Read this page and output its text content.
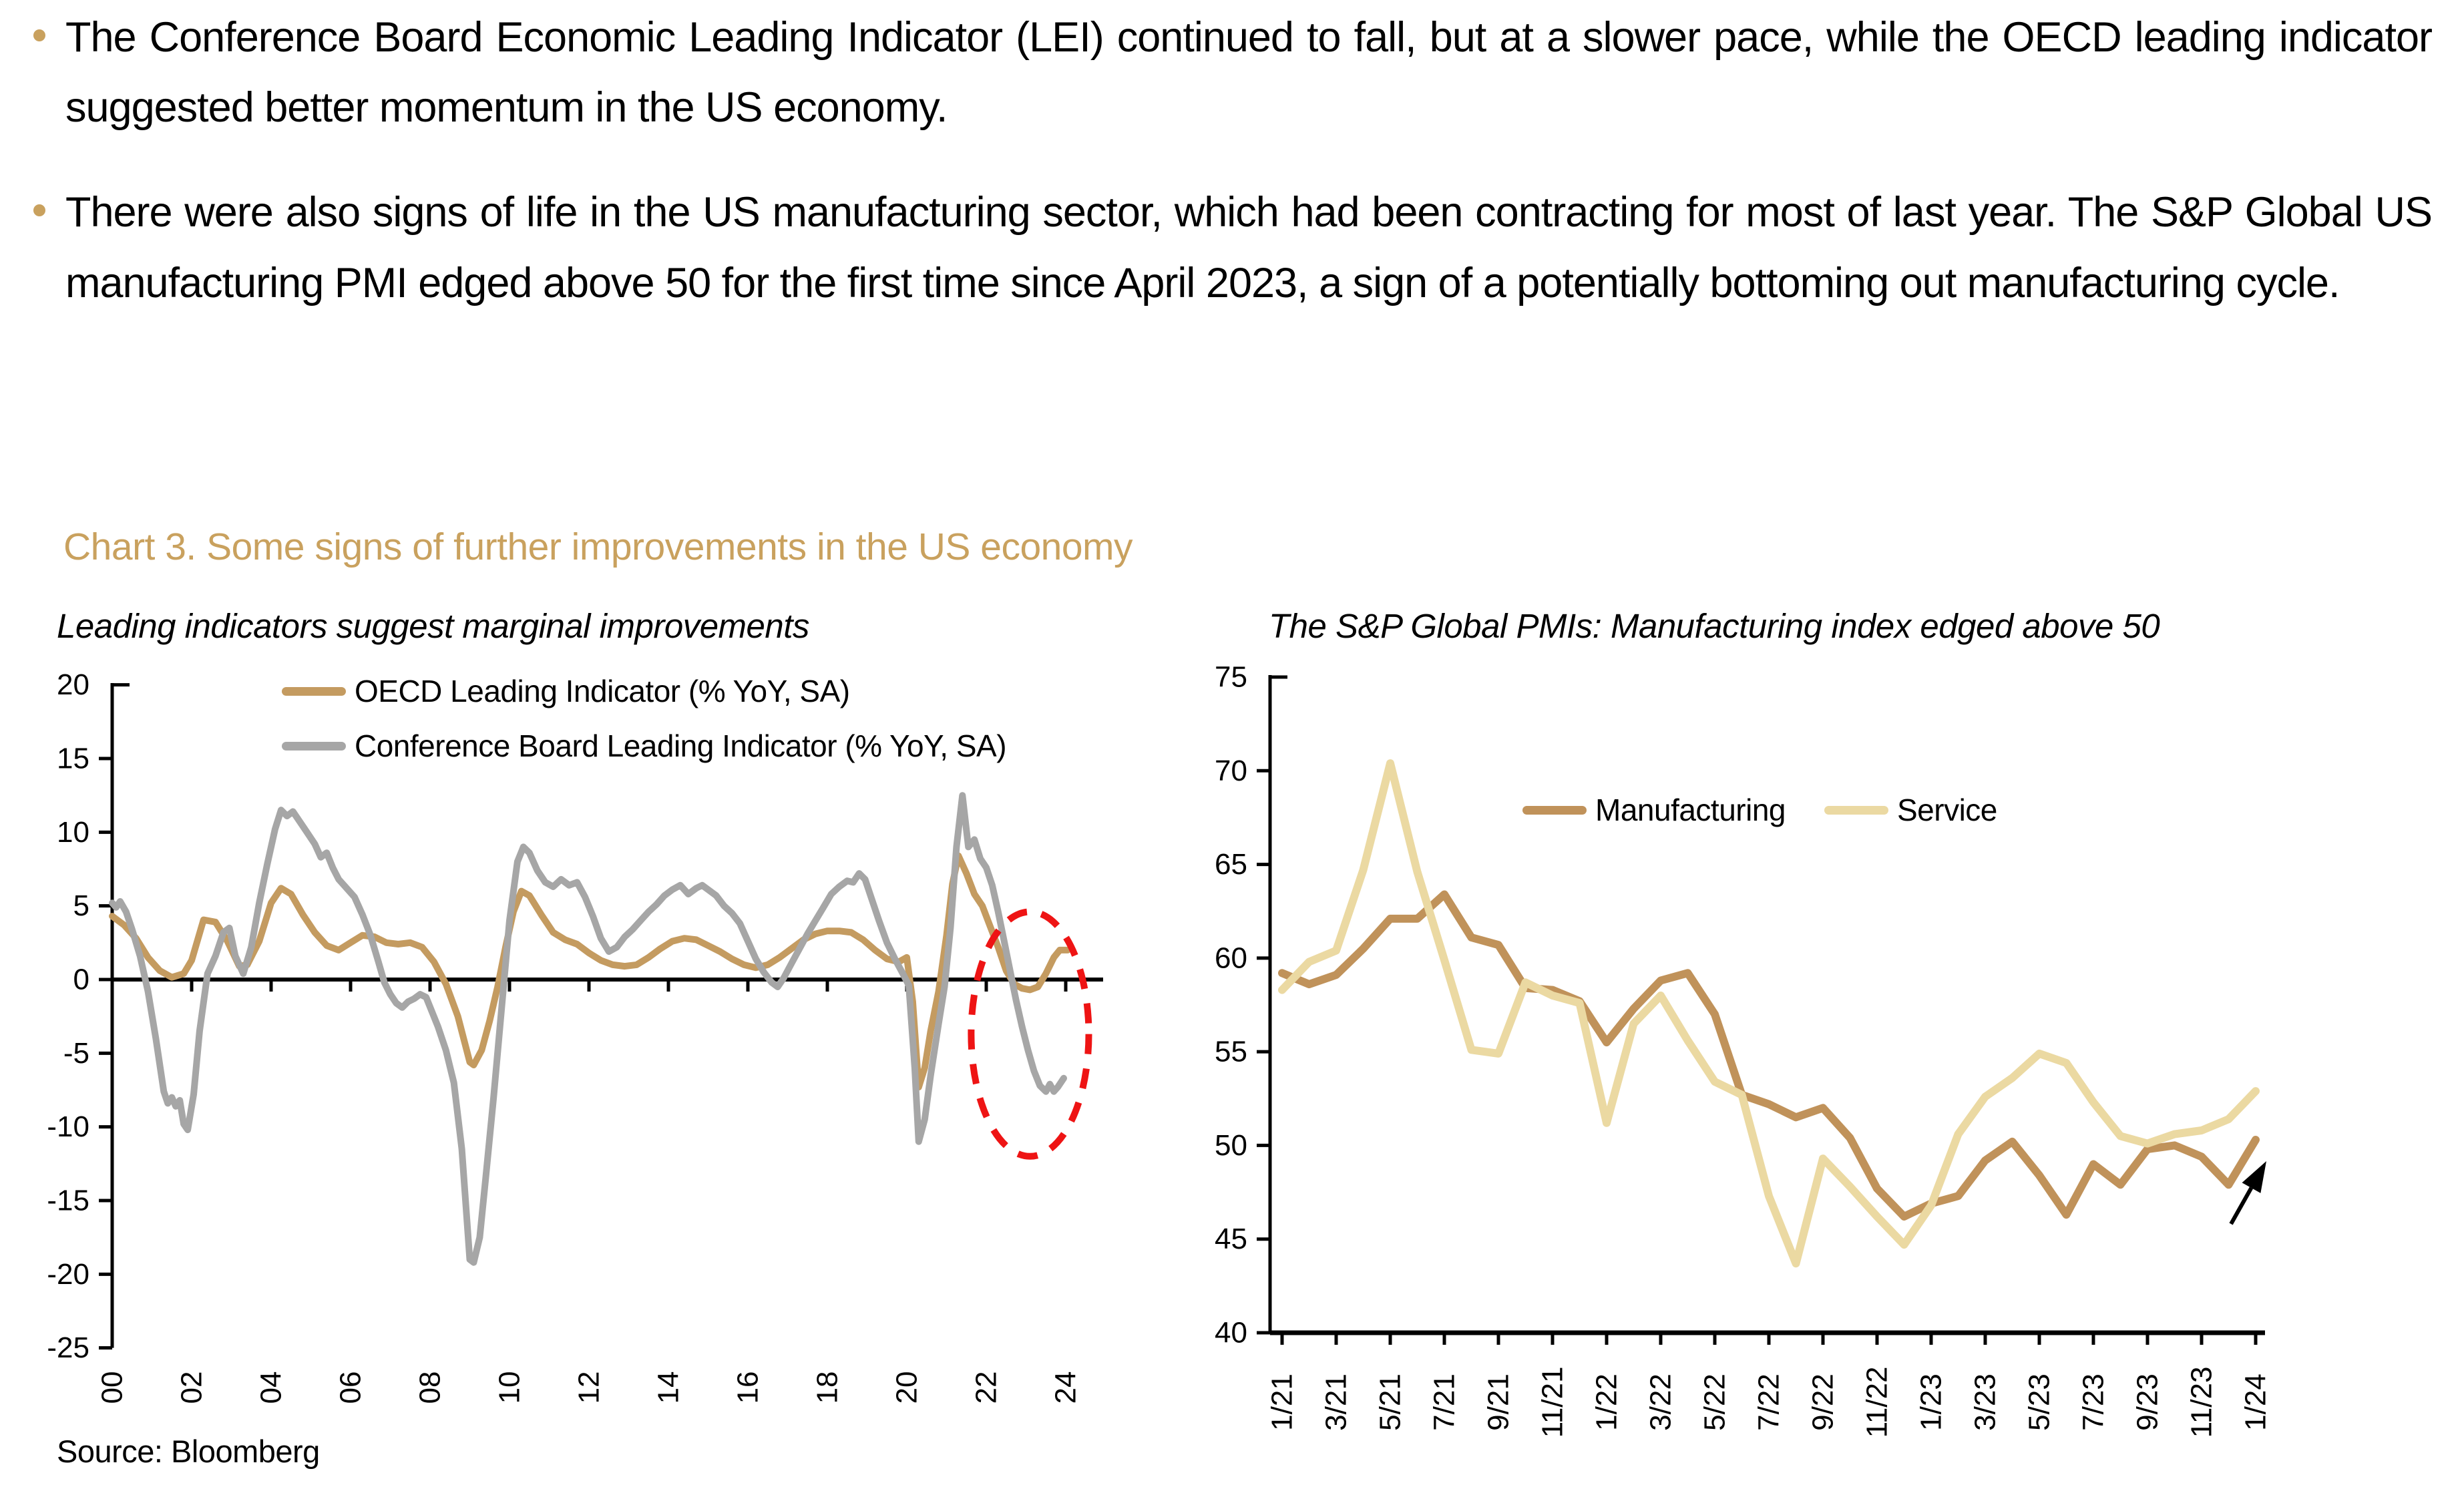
The Conference Board Economic Leading Indicator (LEI) continued to fall, but at a slower pace, while the OECD leading indicator suggested better momentum in the US economy.
There were also signs of life in the US manufacturing sector, which had been contracting for most of last year. The S&P Global US manufacturing PMI edged above 50 for the first time since April 2023, a sign of a potentially bottoming out manufacturing cycle.
Chart 3. Some signs of further improvements in the US economy
Leading indicators suggest marginal improvements	The S&P Global PMIs: Manufacturing index edged above 50
20
15
10
5
0
-5
-10
-15
-20
-25
00 02 04 06 08 10 12 14 16 18 20 22 24
75
70
65
60
55
50
45
40
1/21 3/21 5/21 7/21 9/21 11/21 1/22 3/22 5/22 7/22 9/22 11/22 1/23 3/23 5/23 7/23 9/23 11/23 1/24
OECD Leading Indicator (% YoY, SA)
Conference Board Leading Indicator (% YoY, SA)
Manufacturing	Service
Source: Bloomberg
